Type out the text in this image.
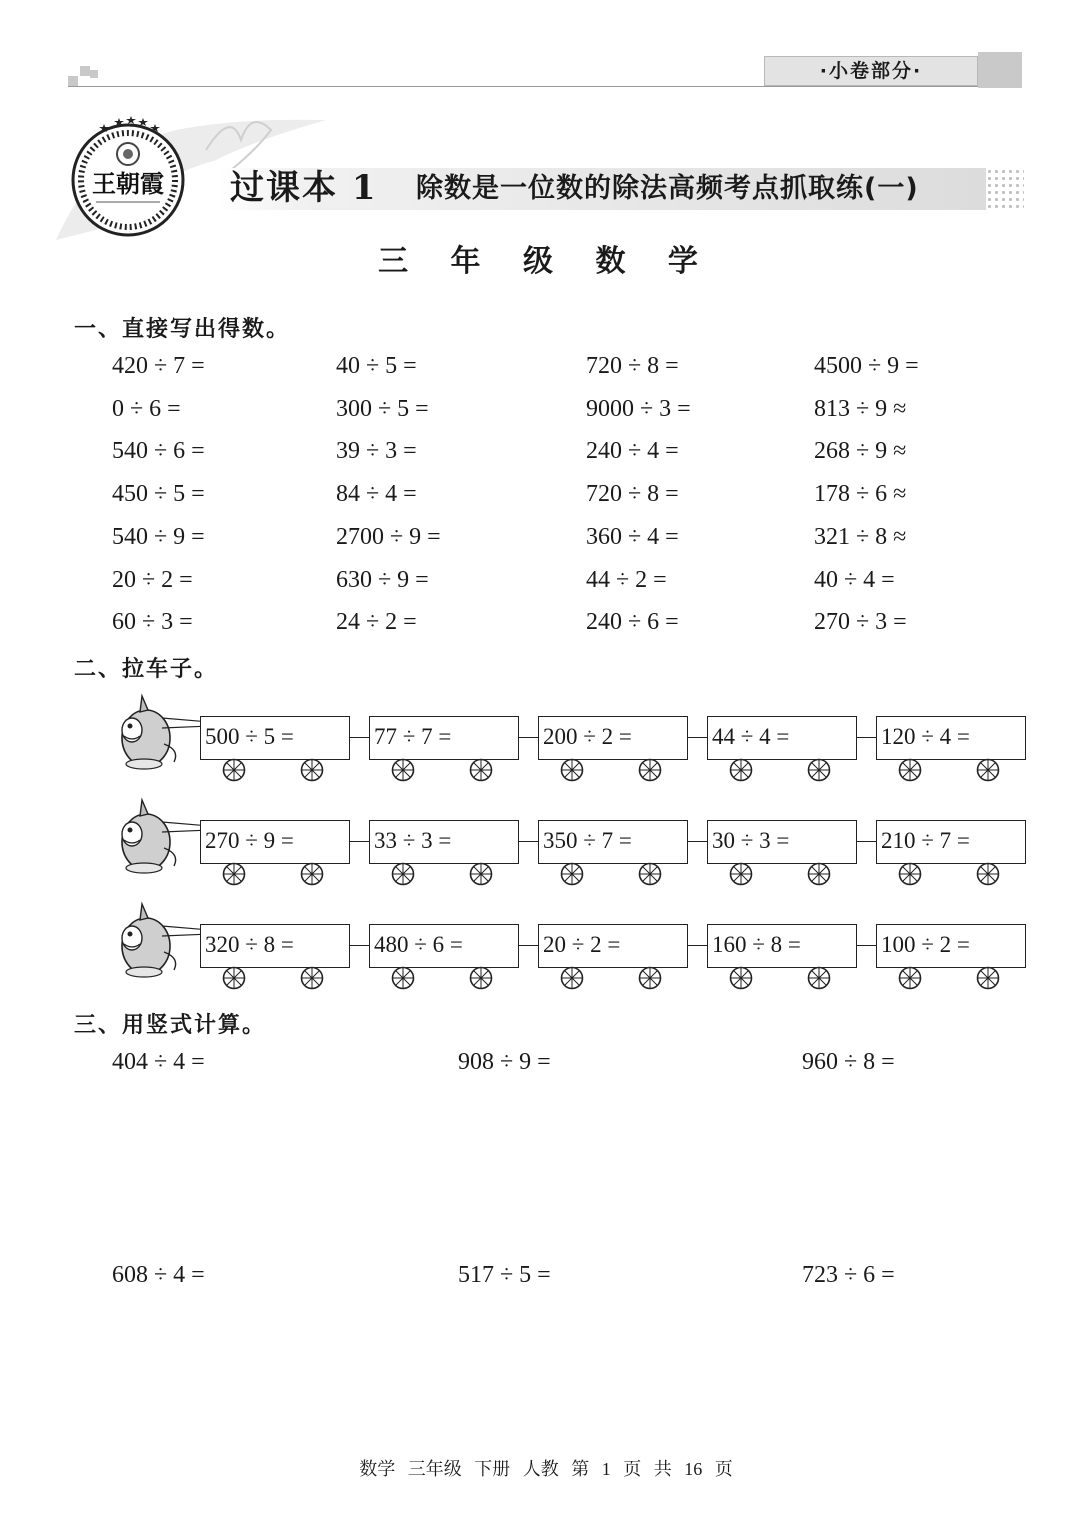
·小卷部分·
王朝霞 过课本 1 除数是一位数的除法高频考点抓取练(一)
三 年 级 数 学
一、直接写出得数。
420 ÷ 7 =	40 ÷ 5 =	720 ÷ 8 =	4500 ÷ 9 =
0 ÷ 6 =	300 ÷ 5 =	9000 ÷ 3 =	813 ÷ 9 ≈
540 ÷ 6 =	39 ÷ 3 =	240 ÷ 4 =	268 ÷ 9 ≈
450 ÷ 5 =	84 ÷ 4 =	720 ÷ 8 =	178 ÷ 6 ≈
540 ÷ 9 =	2700 ÷ 9 =	360 ÷ 4 =	321 ÷ 8 ≈
20 ÷ 2 =	630 ÷ 9 =	44 ÷ 2 =	40 ÷ 4 =
60 ÷ 3 =	24 ÷ 2 =	240 ÷ 6 =	270 ÷ 3 =
二、拉车子。
500 ÷ 5 =	77 ÷ 7 =	200 ÷ 2 =	44 ÷ 4 =	120 ÷ 4 =
270 ÷ 9 =	33 ÷ 3 =	350 ÷ 7 =	30 ÷ 3 =	210 ÷ 7 =
320 ÷ 8 =	480 ÷ 6 =	20 ÷ 2 =	160 ÷ 8 =	100 ÷ 2 =
三、用竖式计算。
404 ÷ 4 =	908 ÷ 9 =	960 ÷ 8 =
608 ÷ 4 =	517 ÷ 5 =	723 ÷ 6 =
数学 三年级 下册 人教 第 1 页 共 16 页
